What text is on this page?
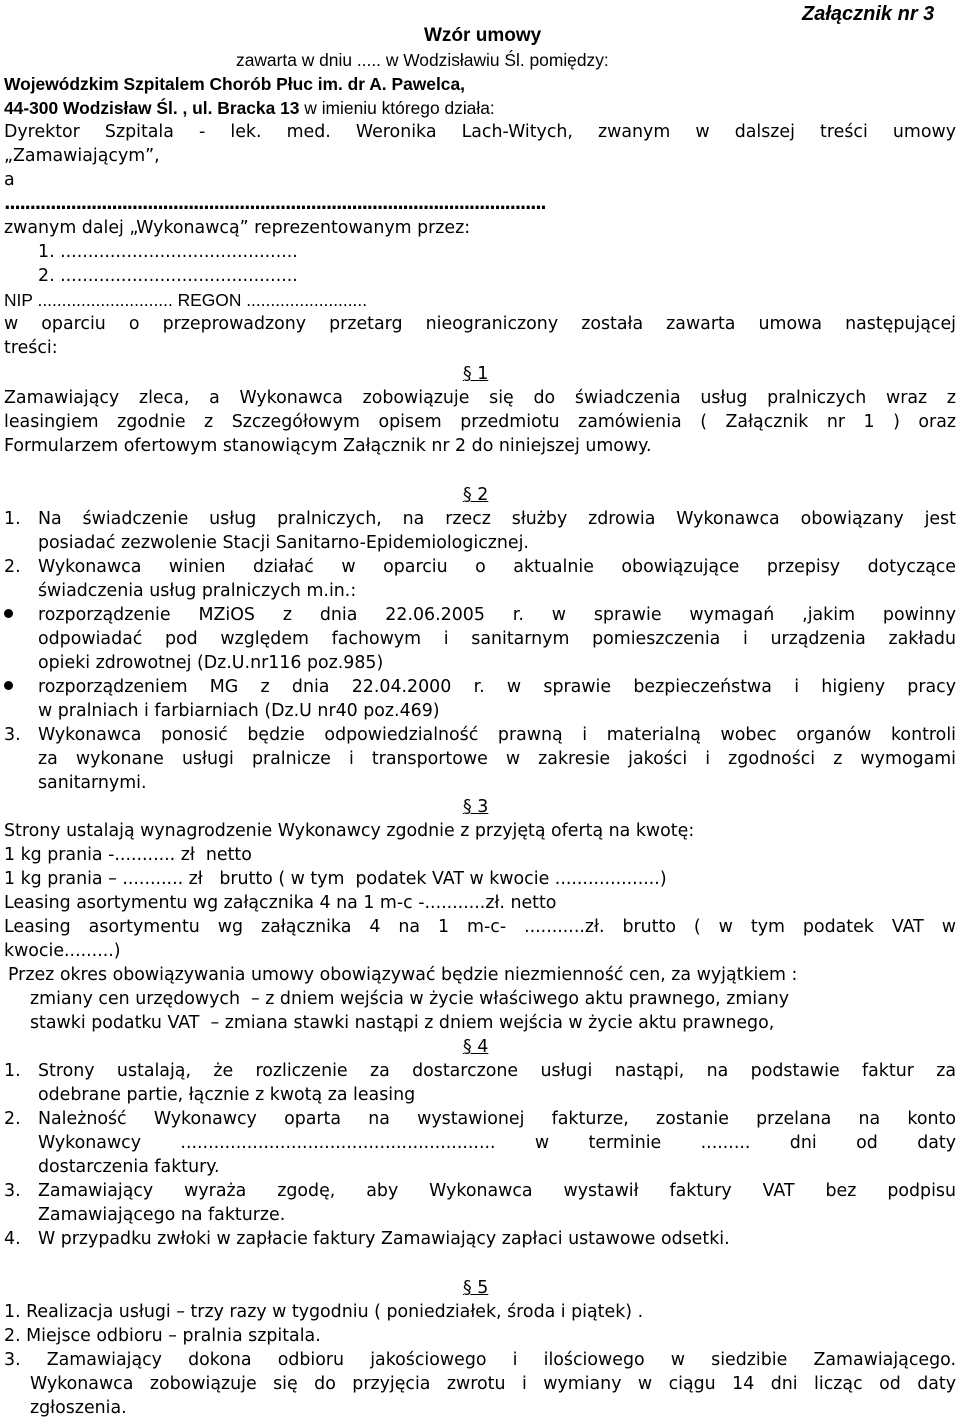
Załącznik nr 3
Wzór umowy
zawarta w dniu ..... w Wodzisławiu Śl. pomiędzy:
Wojewódzkim Szpitalem Chorób Płuc im. dr A. Pawelca,
44-300 Wodzisław Śl. , ul. Bracka 13 w imieniu którego działa:
Dyrektor Szpitala - lek. med. Weronika Lach-Witych, zwanym w dalszej treści umowy
„Zamawiającym”,
a
..........................................................................................................
zwanym dalej „Wykonawcą” reprezentowanym przez:
1. ...........................................
2. ...........................................
NIP ............................ REGON .........................
w oparciu o przeprowadzony przetarg nieograniczony została zawarta umowa następującej
treści:
§ 1
Zamawiający zleca, a Wykonawca zobowiązuje się do świadczenia usług pralniczych wraz z
leasingiem zgodnie z Szczegółowym opisem przedmiotu zamówienia ( Załącznik nr 1 ) oraz
Formularzem ofertowym stanowiącym Załącznik nr 2 do niniejszej umowy.
§ 2
1. Na świadczenie usług pralniczych, na rzecz służby zdrowia Wykonawca obowiązany jest
posiadać zezwolenie Stacji Sanitarno-Epidemiologicznej.
2. Wykonawca winien działać w oparciu o aktualnie obowiązujące przepisy dotyczące
świadczenia usług pralniczych m.in.:
rozporządzenie MZiOS z dnia 22.06.2005 r. w sprawie wymagań ,jakim powinny
odpowiadać pod względem fachowym i sanitarnym pomieszczenia i urządzenia zakładu
opieki zdrowotnej (Dz.U.nr116 poz.985)
rozporządzeniem MG z dnia 22.04.2000 r. w sprawie bezpieczeństwa i higieny pracy
w pralniach i farbiarniach (Dz.U nr40 poz.469)
3. Wykonawca ponosić będzie odpowiedzialność prawną i materialną wobec organów kontroli
za wykonane usługi pralnicze i transportowe w zakresie jakości i zgodności z wymogami
sanitarnymi.
§ 3
Strony ustalają wynagrodzenie Wykonawcy zgodnie z przyjętą ofertą na kwotę:
1 kg prania -........... zł  netto
1 kg prania – ........... zł   brutto ( w tym  podatek VAT w kwocie ...................)
Leasing asortymentu wg załącznika 4 na 1 m-c -...........zł. netto
Leasing asortymentu wg załącznika 4 na 1 m-c- ...........zł. brutto ( w tym podatek VAT w
kwocie.........)
Przez okres obowiązywania umowy obowiązywać będzie niezmienność cen, za wyjątkiem :
zmiany cen urzędowych  – z dniem wejścia w życie właściwego aktu prawnego, zmiany
stawki podatku VAT  – zmiana stawki nastąpi z dniem wejścia w życie aktu prawnego,
§ 4
1. Strony ustalają, że rozliczenie za dostarczone usługi nastąpi, na podstawie faktur za
odebrane partie, łącznie z kwotą za leasing
2. Należność Wykonawcy oparta na wystawionej fakturze, zostanie przelana na konto
Wykonawcy ......................................................... w terminie ......... dni od daty
dostarczenia faktury.
3. Zamawiający wyraża zgodę, aby Wykonawca wystawił faktury VAT bez podpisu
Zamawiającego na fakturze.
4. W przypadku zwłoki w zapłacie faktury Zamawiający zapłaci ustawowe odsetki.
§ 5
1. Realizacja usługi – trzy razy w tygodniu ( poniedziałek, środa i piątek) .
2. Miejsce odbioru – pralnia szpitala.
3. Zamawiający dokona odbioru jakościowego i ilościowego w siedzibie Zamawiającego.
Wykonawca zobowiązuje się do przyjęcia zwrotu i wymiany w ciągu 14 dni licząc od daty
zgłoszenia.
